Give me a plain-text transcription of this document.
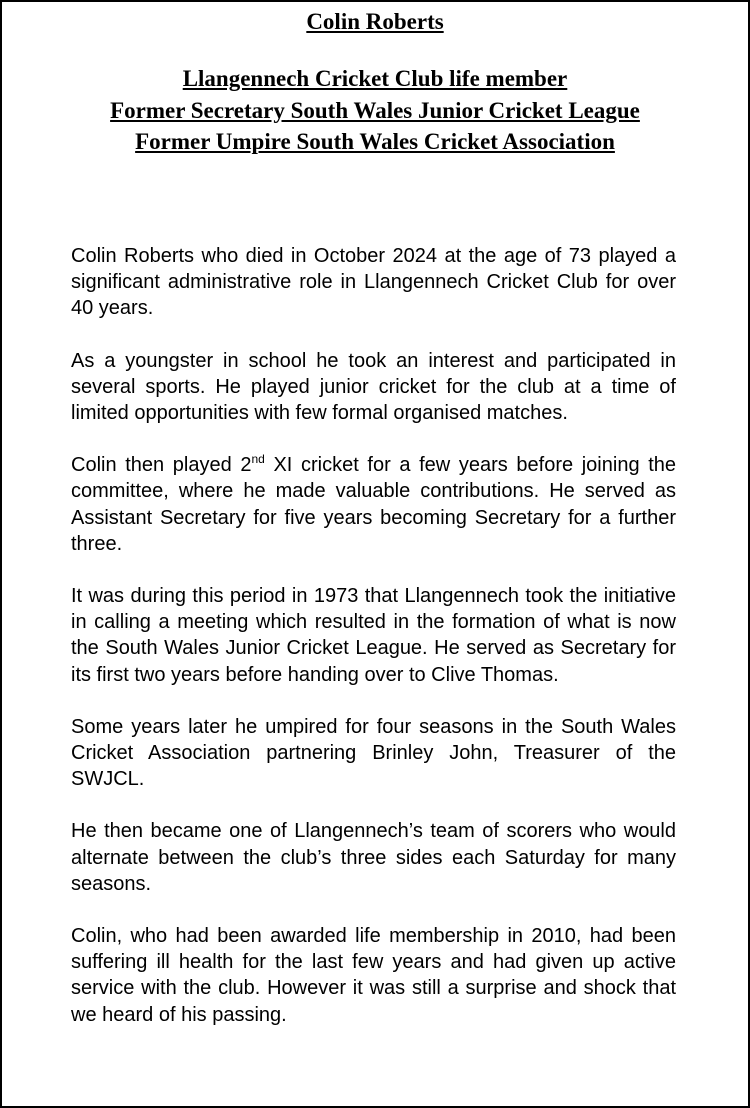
Colin Roberts

Llangennech Cricket Club life member

Former Secretary South Wales Junior Cricket League

Former Umpire South Wales Cricket Association

Colin Roberts who died in October 2024 at the age of 73 played a significant administrative role in Llangennech Cricket Club for over 40 years.

As a youngster in school he took an interest and participated in several sports. He played junior cricket for the club at a time of limited opportunities with few formal organised matches.

Colin then played 2nd XI cricket for a few years before joining the committee, where he made valuable contributions. He served as Assistant Secretary for five years becoming Secretary for a further three.

It was during this period in 1973 that Llangennech took the initiative in calling a meeting which resulted in the formation of what is now the South Wales Junior Cricket League. He served as Secretary for its first two years before handing over to Clive Thomas.

Some years later he umpired for four seasons in the South Wales Cricket Association partnering Brinley John, Treasurer of the SWJCL.

He then became one of Llangennech’s team of scorers who would alternate between the club’s three sides each Saturday for many seasons.

Colin, who had been awarded life membership in 2010, had been suffering ill health for the last few years and had given up active service with the club. However it was still a surprise and shock that we heard of his passing.
